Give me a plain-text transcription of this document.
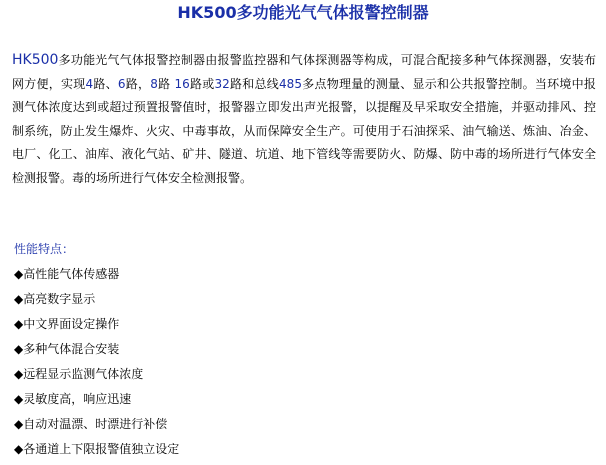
HK500多功能光气气体报警控制器

HK500多功能光气气体报警控制器由报警监控器和气体探测器等构成，可混合配接多种气体探测器，安装布网方便，实现4路、6路，8路 16路或32路和总线485多点物理量的测量、显示和公共报警控制。当环境中报测气体浓度达到或超过预置报警值时，报警器立即发出声光报警，以提醒及早采取安全措施，并驱动排风、控制系统，防止发生爆炸、火灾、中毒事故，从而保障安全生产。可使用于石油探采、油气输送、炼油、冶金、电厂、化工、油库、液化气站、矿井、隧道、坑道、地下管线等需要防火、防爆、防中毒的场所进行气体安全检测报警。毒的场所进行气体安全检测报警。

性能特点：
◆高性能气体传感器
◆高亮数字显示
◆中文界面设定操作
◆多种气体混合安装
◆远程显示监测气体浓度
◆灵敏度高，响应迅速
◆自动对温漂、时漂进行补偿
◆各通道上下限报警值独立设定
